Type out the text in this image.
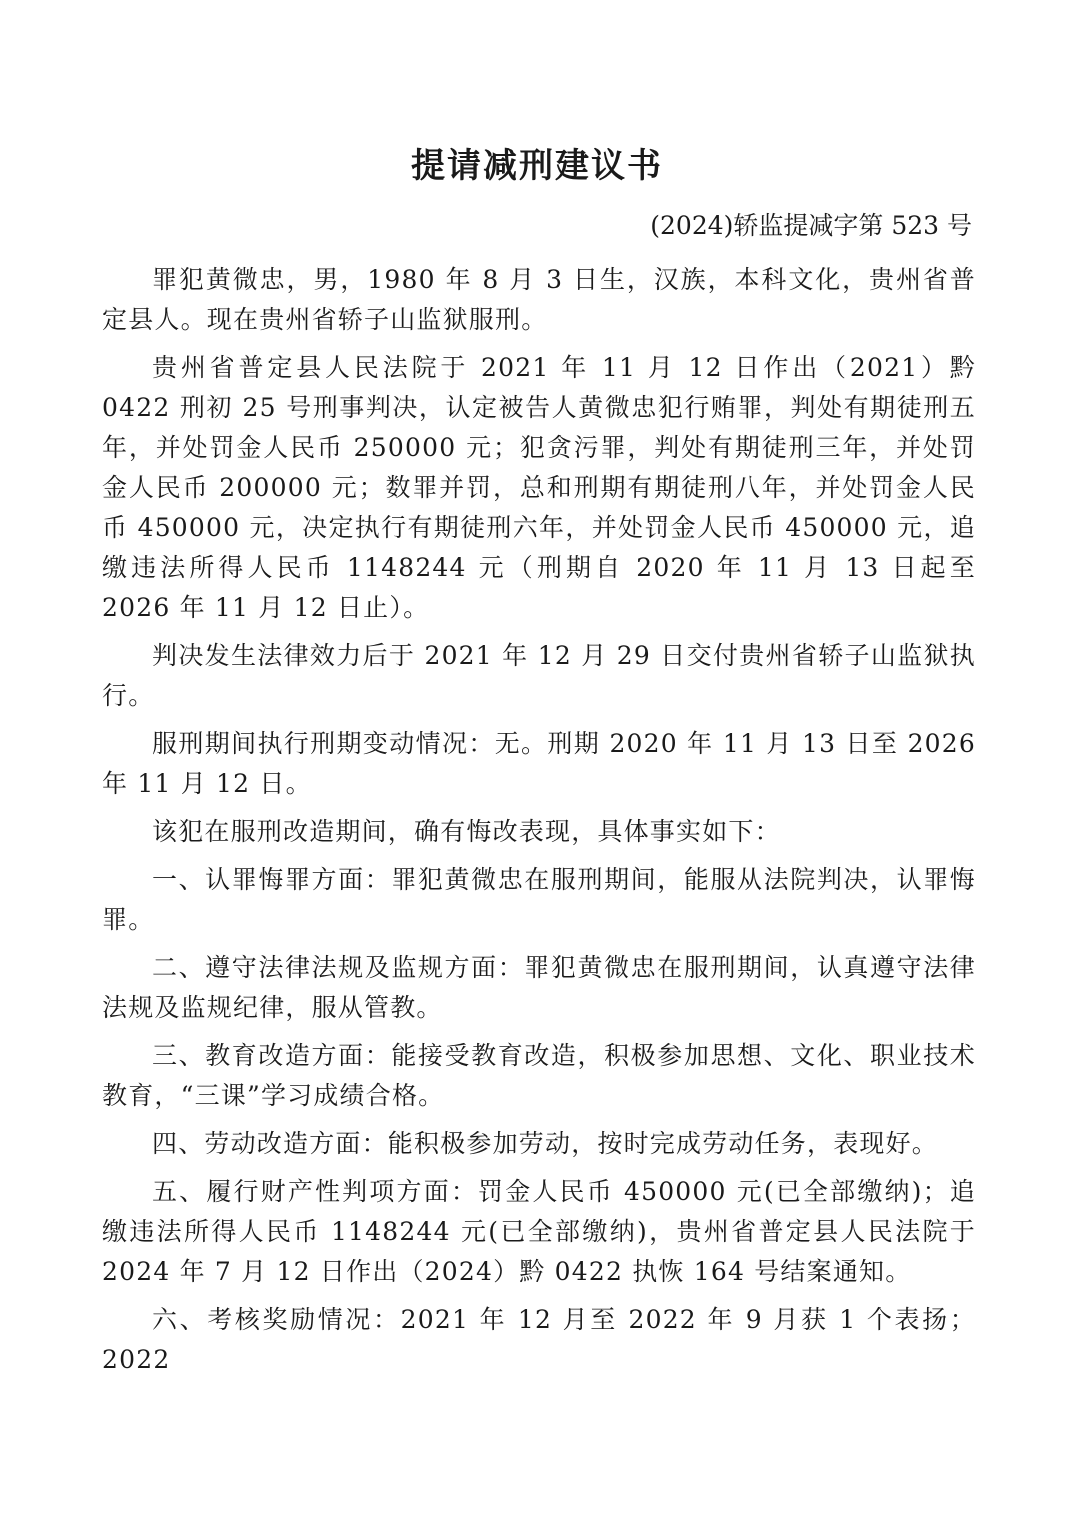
提请减刑建议书
(2024)轿监提减字第 523 号

罪犯黄微忠，男，1980 年 8 月 3 日生，汉族，本科文化，贵州省普定县人。现在贵州省轿子山监狱服刑。

贵州省普定县人民法院于 2021 年 11 月 12 日作出（2021）黔 0422 刑初 25 号刑事判决，认定被告人黄微忠犯行贿罪，判处有期徒刑五年，并处罚金人民币 250000 元；犯贪污罪，判处有期徒刑三年，并处罚金人民币 200000 元；数罪并罚，总和刑期有期徒刑八年，并处罚金人民币 450000 元，决定执行有期徒刑六年，并处罚金人民币 450000 元，追缴违法所得人民币 1148244 元（刑期自 2020 年 11 月 13 日起至 2026 年 11 月 12 日止）。

判决发生法律效力后于 2021 年 12 月 29 日交付贵州省轿子山监狱执行。

服刑期间执行刑期变动情况：无。刑期 2020 年 11 月 13 日至 2026 年 11 月 12 日。

该犯在服刑改造期间，确有悔改表现，具体事实如下：

一、认罪悔罪方面：罪犯黄微忠在服刑期间，能服从法院判决，认罪悔罪。

二、遵守法律法规及监规方面：罪犯黄微忠在服刑期间，认真遵守法律法规及监规纪律，服从管教。

三、教育改造方面：能接受教育改造，积极参加思想、文化、职业技术教育，“三课”学习成绩合格。

四、劳动改造方面：能积极参加劳动，按时完成劳动任务，表现好。

五、履行财产性判项方面：罚金人民币 450000 元(已全部缴纳)；追缴违法所得人民币 1148244 元(已全部缴纳)，贵州省普定县人民法院于 2024 年 7 月 12 日作出（2024）黔 0422 执恢 164 号结案通知。

六、考核奖励情况：2021 年 12 月至 2022 年 9 月获 1 个表扬；2022
